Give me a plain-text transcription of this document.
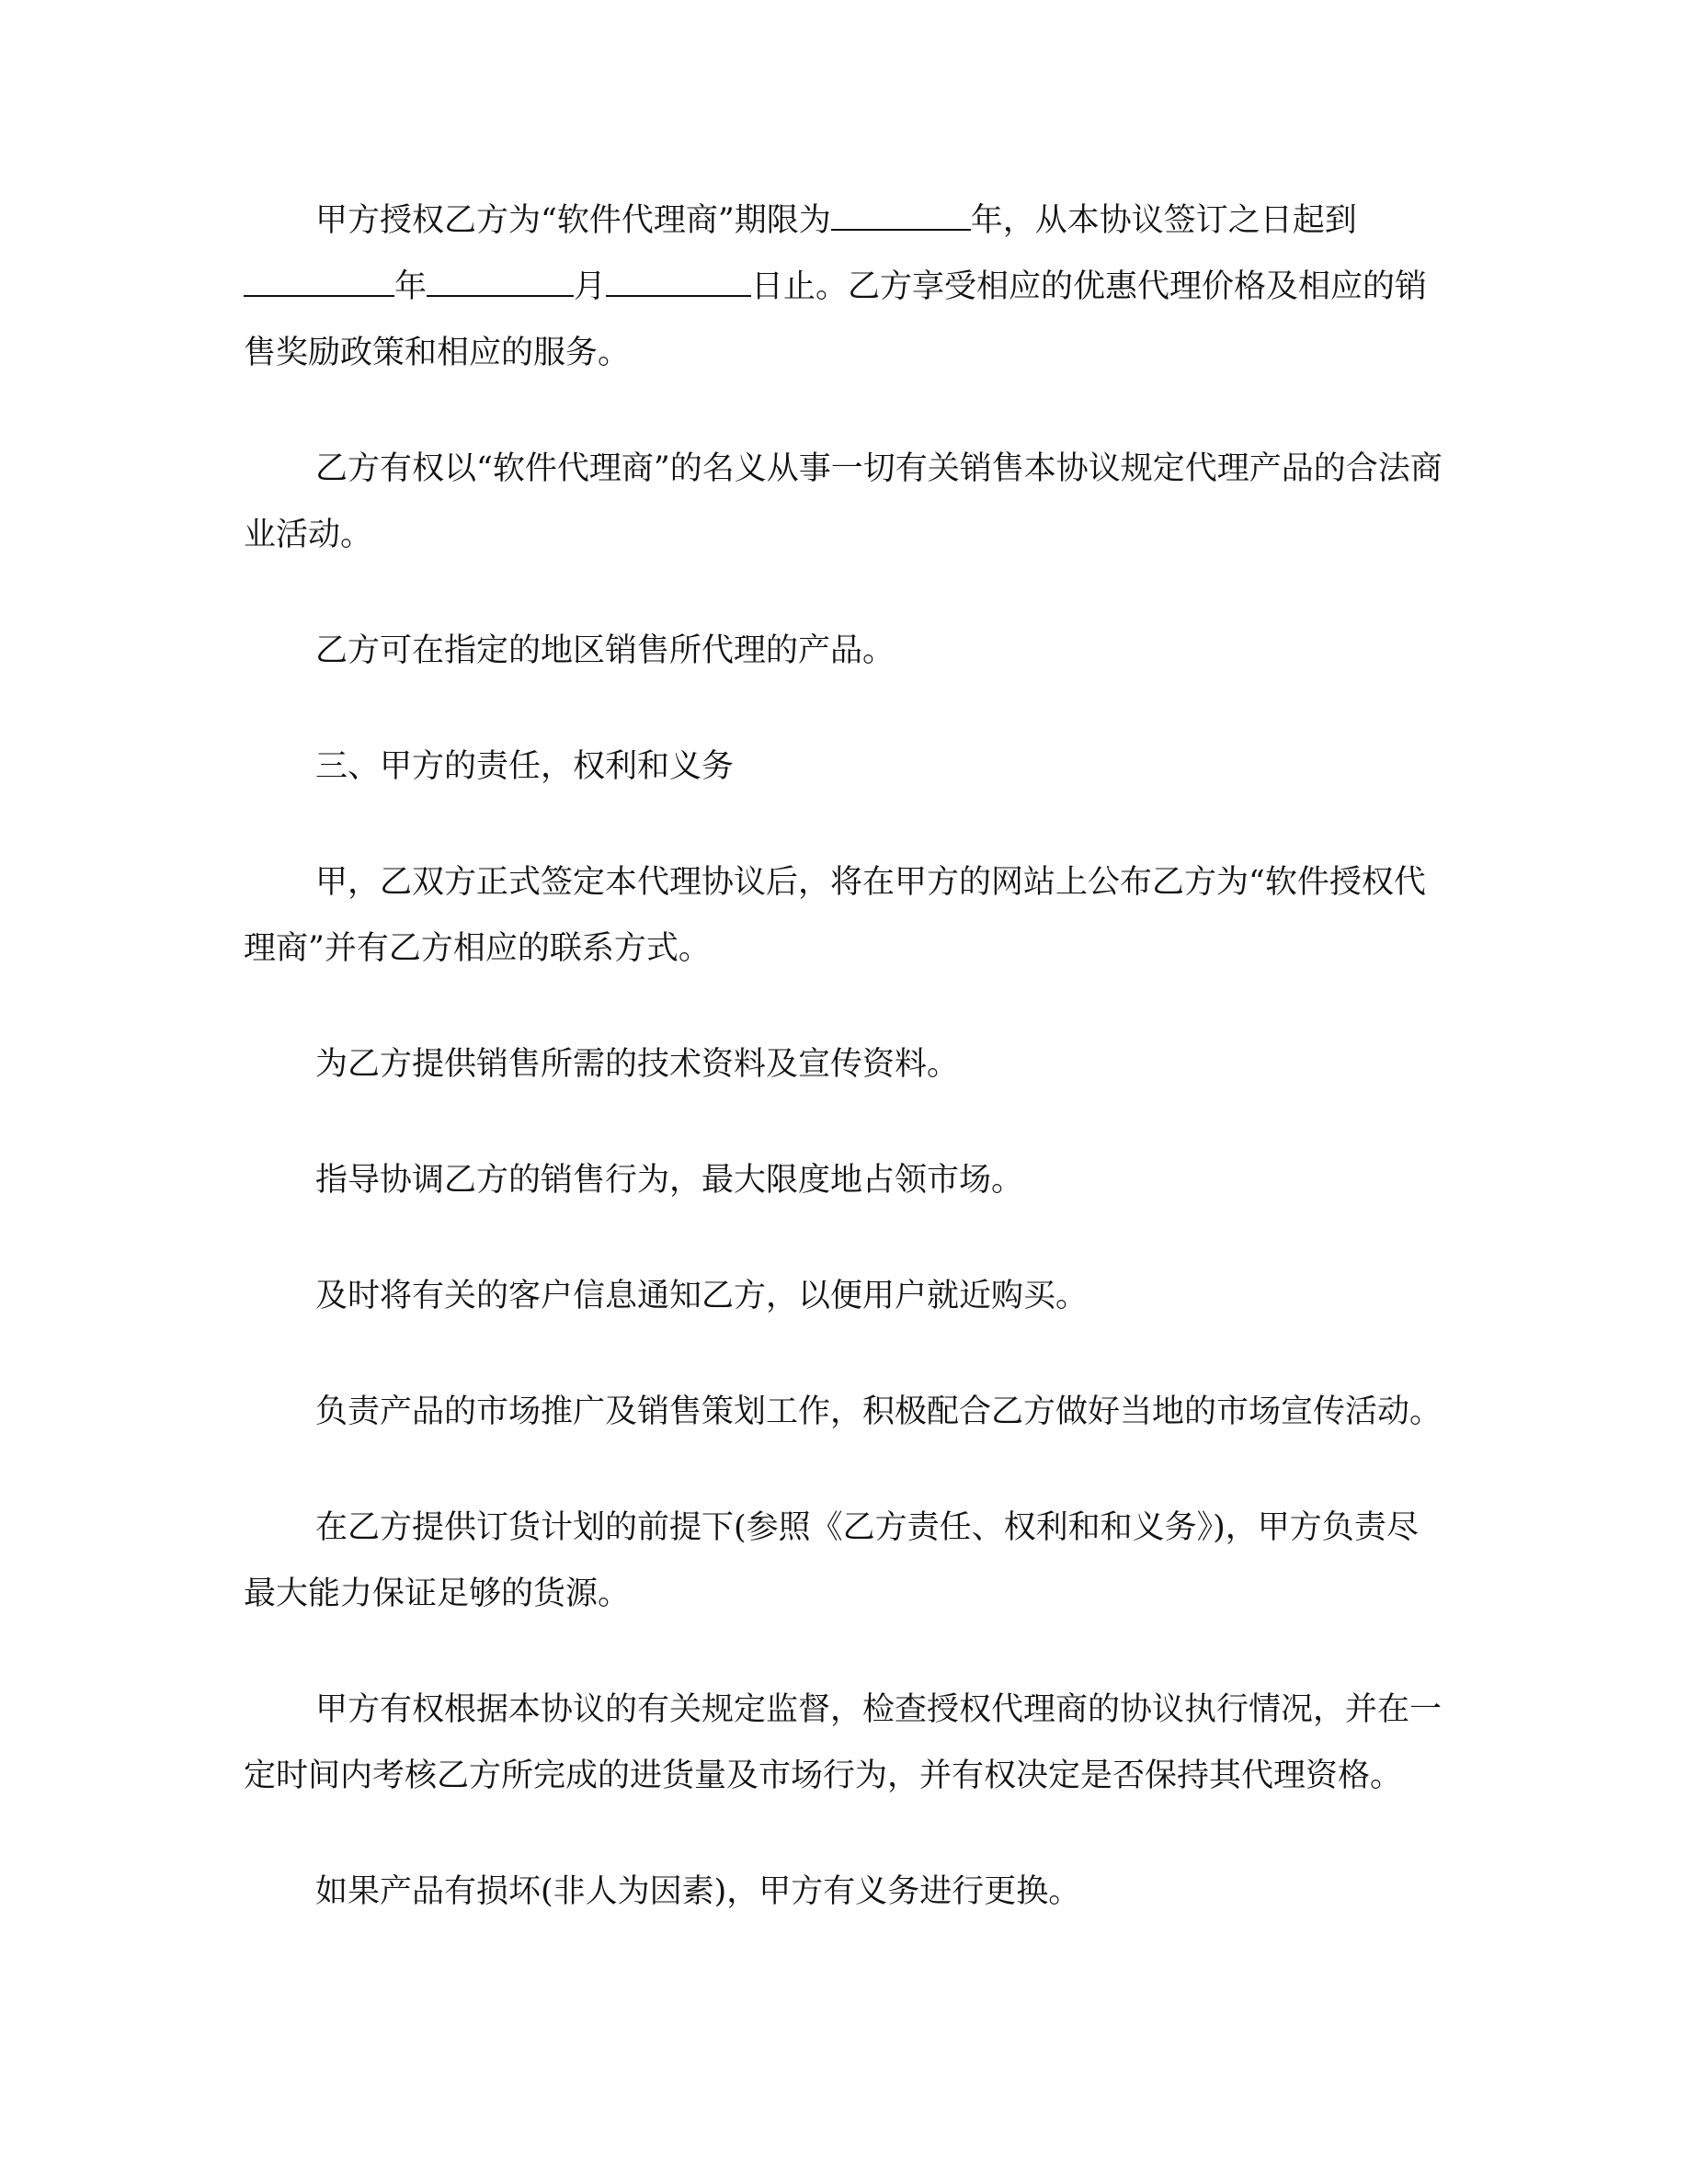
甲方授权乙方为“软件代理商”期限为	年，从本协议签订之日起到年	月	日止。乙方享受相应的优惠代理价格及相应的销售奖励政策和相应的服务。

乙方有权以“软件代理商”的名义从事一切有关销售本协议规定代理产品的合法商业活动。

乙方可在指定的地区销售所代理的产品。

三、甲方的责任，权利和义务

甲，乙双方正式签定本代理协议后，将在甲方的网站上公布乙方为“软件授权代理商”并有乙方相应的联系方式。

为乙方提供销售所需的技术资料及宣传资料。

指导协调乙方的销售行为，最大限度地占领市场。

及时将有关的客户信息通知乙方，以便用户就近购买。

负责产品的市场推广及销售策划工作，积极配合乙方做好当地的市场宣传活动。

在乙方提供订货计划的前提下(参照《乙方责任、权利和和义务》)，甲方负责尽最大能力保证足够的货源。

甲方有权根据本协议的有关规定监督，检查授权代理商的协议执行情况，并在一定时间内考核乙方所完成的进货量及市场行为，并有权决定是否保持其代理资格。

如果产品有损坏(非人为因素)，甲方有义务进行更换。
